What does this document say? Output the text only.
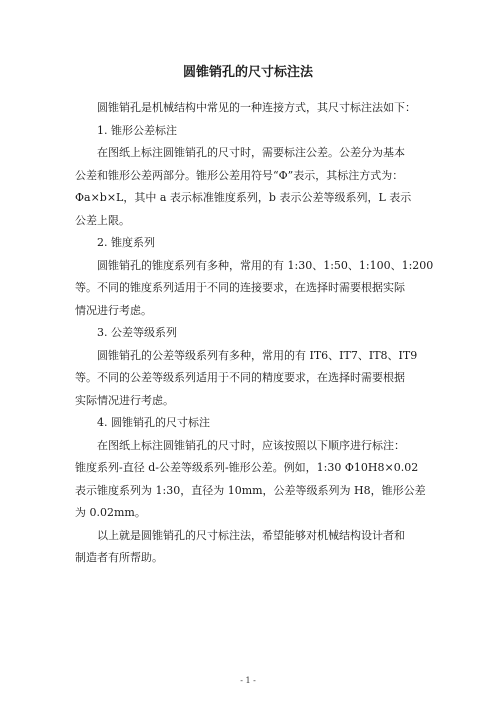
圆锥销孔的尺寸标注法

圆锥销孔是机械结构中常见的一种连接方式，其尺寸标注法如下：

1. 锥形公差标注

在图纸上标注圆锥销孔的尺寸时，需要标注公差。公差分为基本

公差和锥形公差两部分。锥形公差用符号“Φ”表示，其标注方式为：

Φa×b×L，其中 a 表示标准锥度系列，b 表示公差等级系列，L 表示

公差上限。

2. 锥度系列

圆锥销孔的锥度系列有多种，常用的有 1:30、1:50、1:100、1:200

等。不同的锥度系列适用于不同的连接要求，在选择时需要根据实际

情况进行考虑。

3. 公差等级系列

圆锥销孔的公差等级系列有多种，常用的有 IT6、IT7、IT8、IT9

等。不同的公差等级系列适用于不同的精度要求，在选择时需要根据

实际情况进行考虑。

4. 圆锥销孔的尺寸标注

在图纸上标注圆锥销孔的尺寸时，应该按照以下顺序进行标注：

锥度系列-直径 d-公差等级系列-锥形公差。例如，1:30 Φ10H8×0.02

表示锥度系列为 1:30，直径为 10mm，公差等级系列为 H8，锥形公差

为 0.02mm。

以上就是圆锥销孔的尺寸标注法，希望能够对机械结构设计者和

制造者有所帮助。

- 1 -
